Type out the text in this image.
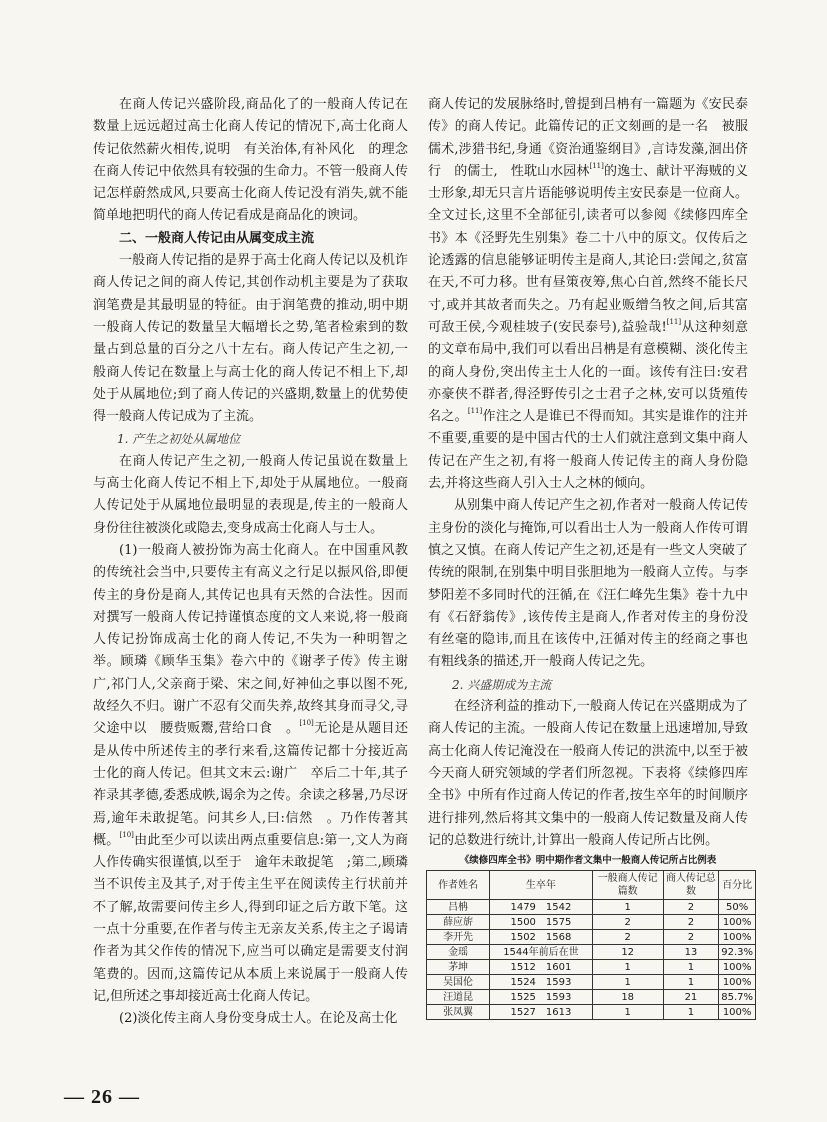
在商人传记兴盛阶段,商品化了的一般商人传记在数量上远远超过高士化商人传记的情况下,高士化商人传记依然薪火相传,说明　有关治体,有补风化　的理念在商人传记中依然具有较强的生命力。不管一般商人传记怎样蔚然成风,只要高士化商人传记没有消失,就不能简单地把明代的商人传记看成是商品化的谀词。

二、一般商人传记由从属变成主流

一般商人传记指的是界于高士化商人传记以及机诈商人传记之间的商人传记,其创作动机主要是为了获取润笔费是其最明显的特征。由于润笔费的推动,明中期一般商人传记的数量呈大幅增长之势,笔者检索到的数量占到总量的百分之八十左右。商人传记产生之初,一般商人传记在数量上与高士化的商人传记不相上下,却处于从属地位;到了商人传记的兴盛期,数量上的优势使得一般商人传记成为了主流。

1. 产生之初处从属地位

在商人传记产生之初,一般商人传记虽说在数量上与高士化商人传记不相上下,却处于从属地位。一般商人传记处于从属地位最明显的表现是,传主的一般商人身份往往被淡化或隐去,变身成高士化商人与士人。

(1)一般商人被扮饰为高士化商人。在中国重风教的传统社会当中,只要传主有高义之行足以振风俗,即便传主的身份是商人,其传记也具有天然的合法性。因而对撰写一般商人传记持谨慎态度的文人来说,将一般商人传记扮饰成高士化的商人传记,不失为一种明智之举。顾璘《顾华玉集》卷六中的《谢孝子传》传主谢广,祁门人,父亲商于梁、宋之间,好神仙之事以图不死,故经久不归。谢广不忍有父而失养,故终其身而寻父,寻父途中以　腰赀贩鬻,营给口食　。[10]无论是从题目还是从传中所述传主的孝行来看,这篇传记都十分接近高士化的商人传记。但其文末云:谢广　卒后二十年,其子祚录其孝德,委悉成帙,谒余为之传。余读之移暑,乃尽讶焉,逾年未敢捉笔。问其乡人,曰:信然　。乃作传著其概。[10]由此至少可以读出两点重要信息:第一,文人为商人作传确实很谨慎,以至于　逾年未敢捉笔　;第二,顾璘当不识传主及其子,对于传主生平在阅读传主行状前并不了解,故需要问传主乡人,得到印证之后方敢下笔。这一点十分重要,在作者与传主无亲友关系,传主之子谒请作者为其父作传的情况下,应当可以确定是需要支付润笔费的。因而,这篇传记从本质上来说属于一般商人传记,但所述之事却接近高士化商人传记。

(2)淡化传主商人身份变身成士人。在论及高士化

商人传记的发展脉络时,曾提到吕柟有一篇题为《安民泰传》的商人传记。此篇传记的正文刻画的是一名　被服儒术,涉猎书纪,身通《资治通鉴纲目》,言诗发藻,洄出侪行　的儒士,　性耽山水园林[11]的逸士、献计平海贼的义士形象,却无只言片语能够说明传主安民泰是一位商人。全文过长,这里不全部征引,读者可以参阅《续修四库全书》本《泾野先生别集》卷二十八中的原文。仅传后之论透露的信息能够证明传主是商人,其论曰:尝闻之,贫富在天,不可力移。世有昼策夜筹,焦心白首,然终不能长尺寸,或并其故者而失之。乃有起业贩缯刍牧之间,后其富可敌王侯,今观桂坡子(安民泰号),益验哉![11]从这种刻意的文章布局中,我们可以看出吕柟是有意模糊、淡化传主的商人身份,突出传主士人化的一面。该传有注曰:安君亦豪侠不群者,得泾野传引之士君子之林,安可以货殖传名之。[11]作注之人是谁已不得而知。其实是谁作的注并不重要,重要的是中国古代的士人们就注意到文集中商人传记在产生之初,有将一般商人传记传主的商人身份隐去,并将这些商人引入士人之林的倾向。

从别集中商人传记产生之初,作者对一般商人传记传主身份的淡化与掩饰,可以看出士人为一般商人作传可谓慎之又慎。在商人传记产生之初,还是有一些文人突破了传统的限制,在别集中明目张胆地为一般商人立传。与李梦阳差不多同时代的汪循,在《汪仁峰先生集》卷十九中有《石舒翁传》,该传传主是商人,作者对传主的身份没有丝毫的隐讳,而且在该传中,汪循对传主的经商之事也有粗线条的描述,开一般商人传记之先。

2. 兴盛期成为主流

在经济利益的推动下,一般商人传记在兴盛期成为了商人传记的主流。一般商人传记在数量上迅速增加,导致高士化商人传记淹没在一般商人传记的洪流中,以至于被今天商人研究领域的学者们所忽视。下表将《续修四库全书》中所有作过商人传记的作者,按生卒年的时间顺序进行排列,然后将其文集中的一般商人传记数量及商人传记的总数进行统计,计算出一般商人传记所占比例。

《续修四库全书》明中期作者文集中一般商人传记所占比例表
作者姓名	生卒年	一般商人传记篇数	商人传记总数	百分比
吕柟	1479　1542	1	2	50%
薛应旂	1500　1575	2	2	100%
李开先	1502　1568	2	2	100%
金瑶	1544年前后在世	12	13	92.3%
茅坤	1512　1601	1	1	100%
吴国伦	1524　1593	1	1	100%
汪道昆	1525　1593	18	21	85.7%
张凤翼	1527　1613	1	1	100%
— 26 —
